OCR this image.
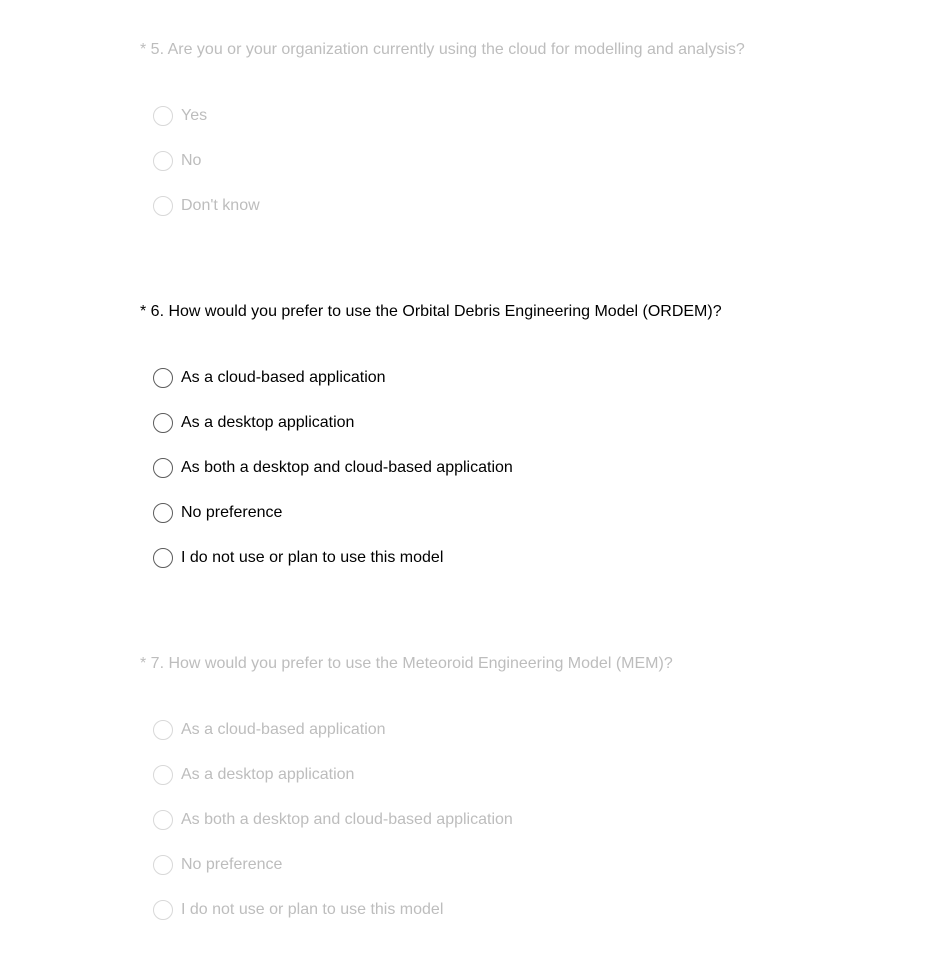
* 5. Are you or your organization currently using the cloud for modelling and analysis?
Yes
No
Don't know
* 6. How would you prefer to use the Orbital Debris Engineering Model (ORDEM)?
As a cloud-based application
As a desktop application
As both a desktop and cloud-based application
No preference
I do not use or plan to use this model
* 7. How would you prefer to use the Meteoroid Engineering Model (MEM)?
As a cloud-based application
As a desktop application
As both a desktop and cloud-based application
No preference
I do not use or plan to use this model
